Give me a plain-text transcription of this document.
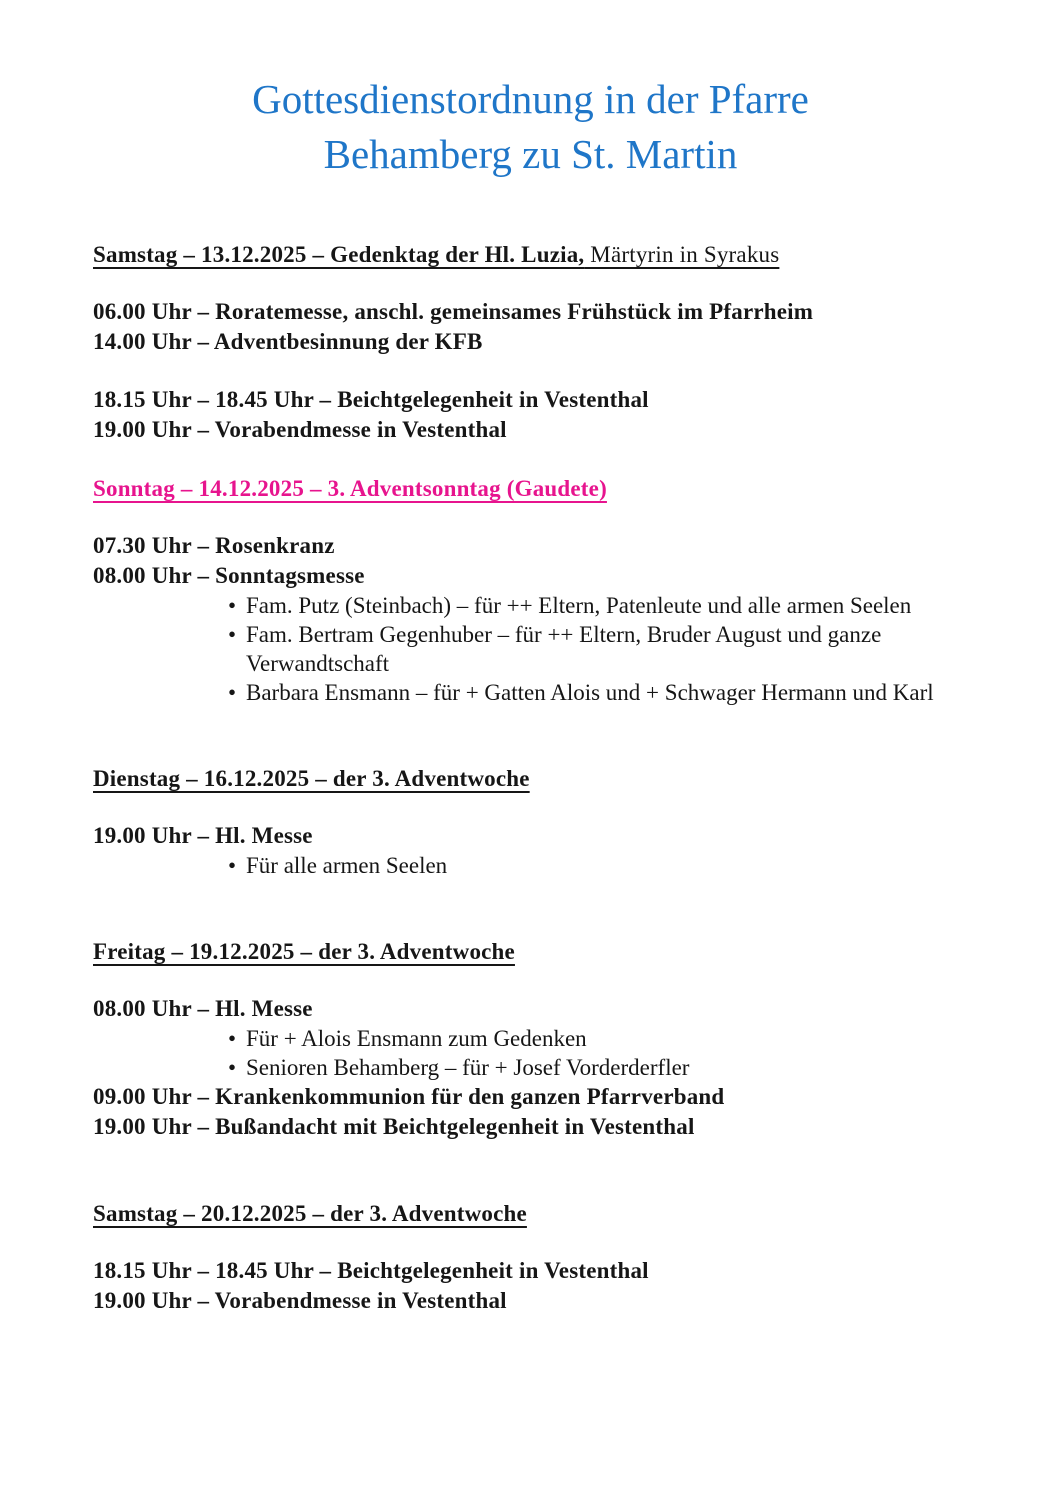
Gottesdienstordnung in der Pfarre
Behamberg zu St. Martin
Samstag – 13.12.2025 – Gedenktag der Hl. Luzia, Märtyrin in Syrakus
06.00 Uhr – Roratemesse, anschl. gemeinsames Frühstück im Pfarrheim
14.00 Uhr – Adventbesinnung der KFB
18.15 Uhr – 18.45 Uhr – Beichtgelegenheit in Vestenthal
19.00 Uhr – Vorabendmesse in Vestenthal
Sonntag – 14.12.2025 – 3. Adventsonntag (Gaudete)
07.30 Uhr – Rosenkranz
08.00 Uhr – Sonntagsmesse
• Fam. Putz (Steinbach) – für ++ Eltern, Patenleute und alle armen Seelen
• Fam. Bertram Gegenhuber – für ++ Eltern, Bruder August und ganze Verwandtschaft
• Barbara Ensmann – für + Gatten Alois und + Schwager Hermann und Karl
Dienstag – 16.12.2025 – der 3. Adventwoche
19.00 Uhr – Hl. Messe
• Für alle armen Seelen
Freitag – 19.12.2025 – der 3. Adventwoche
08.00 Uhr – Hl. Messe
• Für + Alois Ensmann zum Gedenken
• Senioren Behamberg – für + Josef Vorderderfler
09.00 Uhr – Krankenkommunion für den ganzen Pfarrverband
19.00 Uhr – Bußandacht mit Beichtgelegenheit in Vestenthal
Samstag – 20.12.2025 – der 3. Adventwoche
18.15 Uhr – 18.45 Uhr – Beichtgelegenheit in Vestenthal
19.00 Uhr – Vorabendmesse in Vestenthal
